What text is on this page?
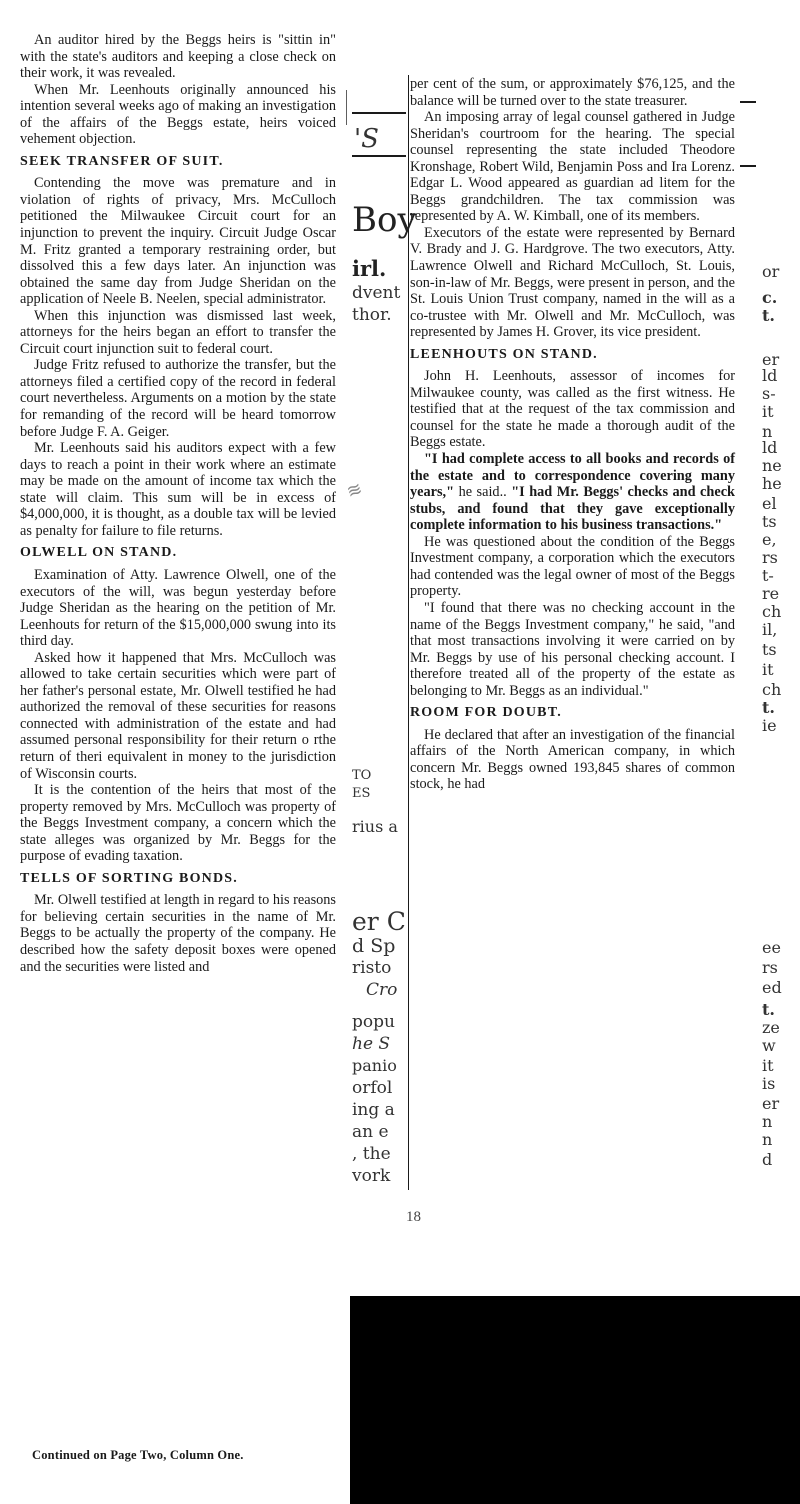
An auditor hired by the Beggs heirs is "sittin in" with the state's auditors and keeping a close check on their work, it was revealed.

When Mr. Leenhouts originally announced his intention several weeks ago of making an investigation of the affairs of the Beggs estate, heirs voiced vehement objection.

SEEK TRANSFER OF SUIT.

Contending the move was premature and in violation of rights of privacy, Mrs. McCulloch petitioned the Milwaukee Circuit court for an injunction to prevent the inquiry. Circuit Judge Oscar M. Fritz granted a temporary restraining order, but dissolved this a few days later. An injunction was obtained the same day from Judge Sheridan on the application of Neele B. Neelen, special administrator.

When this injunction was dismissed last week, attorneys for the heirs began an effort to transfer the Circuit court injunction suit to federal court.

Judge Fritz refused to authorize the transfer, but the attorneys filed a certified copy of the record in federal court nevertheless. Arguments on a motion by the state for remanding of the record will be heard tomorrow before Judge F. A. Geiger.

Mr. Leenhouts said his auditors expect with a few days to reach a point in their work where an estimate may be made on the amount of income tax which the state will claim. This sum will be in excess of $4,000,000, it is thought, as a double tax will be levied as penalty for failure to file returns.

OLWELL ON STAND.

Examination of Atty. Lawrence Olwell, one of the executors of the will, was begun yesterday before Judge Sheridan as the hearing on the petition of Mr. Leenhouts for return of the $15,000,000 swung into its third day.

Asked how it happened that Mrs. McCulloch was allowed to take certain securities which were part of her father's personal estate, Mr. Olwell testified he had authorized the removal of these securities for reasons connected with administration of the estate and had assumed personal responsibility for their return o rthe return of theri equivalent in money to the jurisdiction of Wisconsin courts.

It is the contention of the heirs that most of the property removed by Mrs. McCulloch was property of the Beggs Investment company, a concern which the state alleges was organized by Mr. Beggs for the purpose of evading taxation.

TELLS OF SORTING BONDS.

Mr. Olwell testified at length in regard to his reasons for believing certain securities in the name of Mr. Beggs to be actually the property of the company. He described how the safety deposit boxes were opened and the securities were listed and

Continued on Page Two, Column One.

per cent of the sum, or approximately $76,125, and the balance will be turned over to the state treasurer.

An imposing array of legal counsel gathered in Judge Sheridan's courtroom for the hearing. The special counsel representing the state included Theodore Kronshage, Robert Wild, Benjamin Poss and Ira Lorenz. Edgar L. Wood appeared as guardian ad litem for the Beggs grandchildren. The tax commission was represented by A. W. Kimball, one of its members.

Executors of the estate were represented by Bernard V. Brady and J. G. Hardgrove. The two executors, Atty. Lawrence Olwell and Richard McCulloch, St. Louis, son-in-law of Mr. Beggs, were present in person, and the St. Louis Union Trust company, named in the will as a co-trustee with Mr. Olwell and Mr. McCulloch, was represented by James H. Grover, its vice president.

LEENHOUTS ON STAND.

John H. Leenhouts, assessor of incomes for Milwaukee county, was called as the first witness. He testified that at the request of the tax commission and counsel for the state he made a thorough audit of the Beggs estate.

"I had complete access to all books and records of the estate and to correspondence covering many years," he said.. "I had Mr. Beggs' checks and check stubs, and found that they gave exceptionally complete information to his business transactions."

He was questioned about the condition of the Beggs Investment company, a corporation which the executors had contended was the legal owner of most of the Beggs property.

"I found that there was no checking account in the name of the Beggs Investment company," he said, "and that most transactions involving it were carried on by Mr. Beggs by use of his personal checking account. I therefore treated all of the property of the estate as belonging to Mr. Beggs as an individual."

ROOM FOR DOUBT.

He declared that after an investigation of the financial affairs of the North American company, in which concern Mr. Beggs owned 193,845 shares of common stock, he had

'S
Boy
irl.
dvent
thor.
≋
TO
ES
rius a
er C
d Sp
risto
Cro
popu
he S
panio
orfol
ing a
an e
, the
vork
or
c.
t.
er
ld
s-
it
n
ld
ne
he
el
ts
e,
rs
t-
re
ch
il,
ts
it
ch
t.
ie
ee
rs
ed
t.
ze
w
it
is
er
n
n
d
18
